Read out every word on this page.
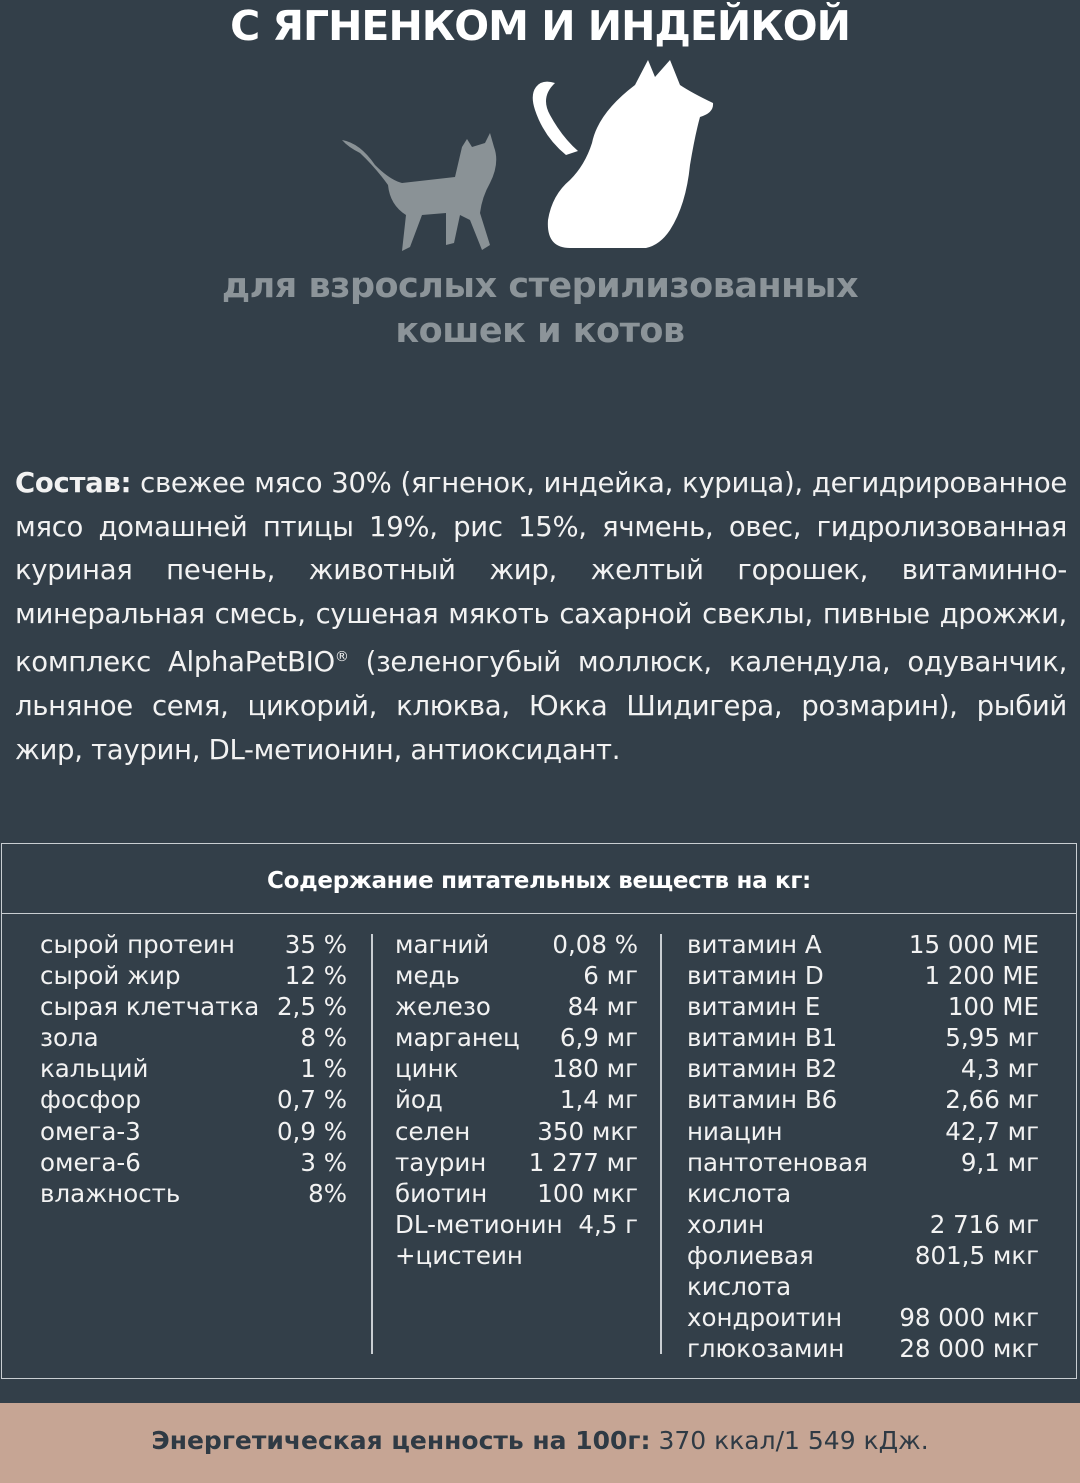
С ЯГНЕНКОМ И ИНДЕЙКОЙ
для взрослых стерилизованных
кошек и котов
Состав: свежее мясо 30% (ягненок, индейка, курица), дегидрированное мясо домашней птицы 19%, рис 15%, ячмень, овес, гидролизованная куриная печень, животный жир, желтый горошек, витаминно-минеральная смесь, сушеная мякоть сахарной свеклы, пивные дрожжи, комплекс AlphaPetBIO® (зеленогубый моллюск, календула, одуванчик, льняное семя, цикорий, клюква, Юкка Шидигера, розмарин), рыбий жир, таурин, DL-метионин, антиоксидант.
Содержание питательных веществ на кг:
сырой протеин 35 %
сырой жир	12 %
сырая клетчатка 2,5 %
зола	8 %
кальций	1 %
фосфор	0,7 %
омега-3	0,9 %
омега-6	3 %
влажность	8%
магний	0,08 %
медь	6 мг
железо	84 мг
марганец 6,9 мг
цинк	180 мг
йод	1,4 мг
селен	350 мкг
таурин 1 277 мг
биотин 100 мкг
DL-метионин 4,5 г
+цистеин
витамин А	15 000 МЕ
витамин D	1 200 МЕ
витамин Е	100 МЕ
витамин В1	5,95 мг
витамин В2	4,3 мг
витамин В6	2,66 мг
ниацин	42,7 мг
пантотеновая	9,1 мг
кислота
холин	2 716 мг
фолиевая	801,5 мкг
кислота
хондроитин 98 000 мкг
глюкозамин 28 000 мкг
Энергетическая ценность на 100г: 370 ккал/1 549 кДж.
